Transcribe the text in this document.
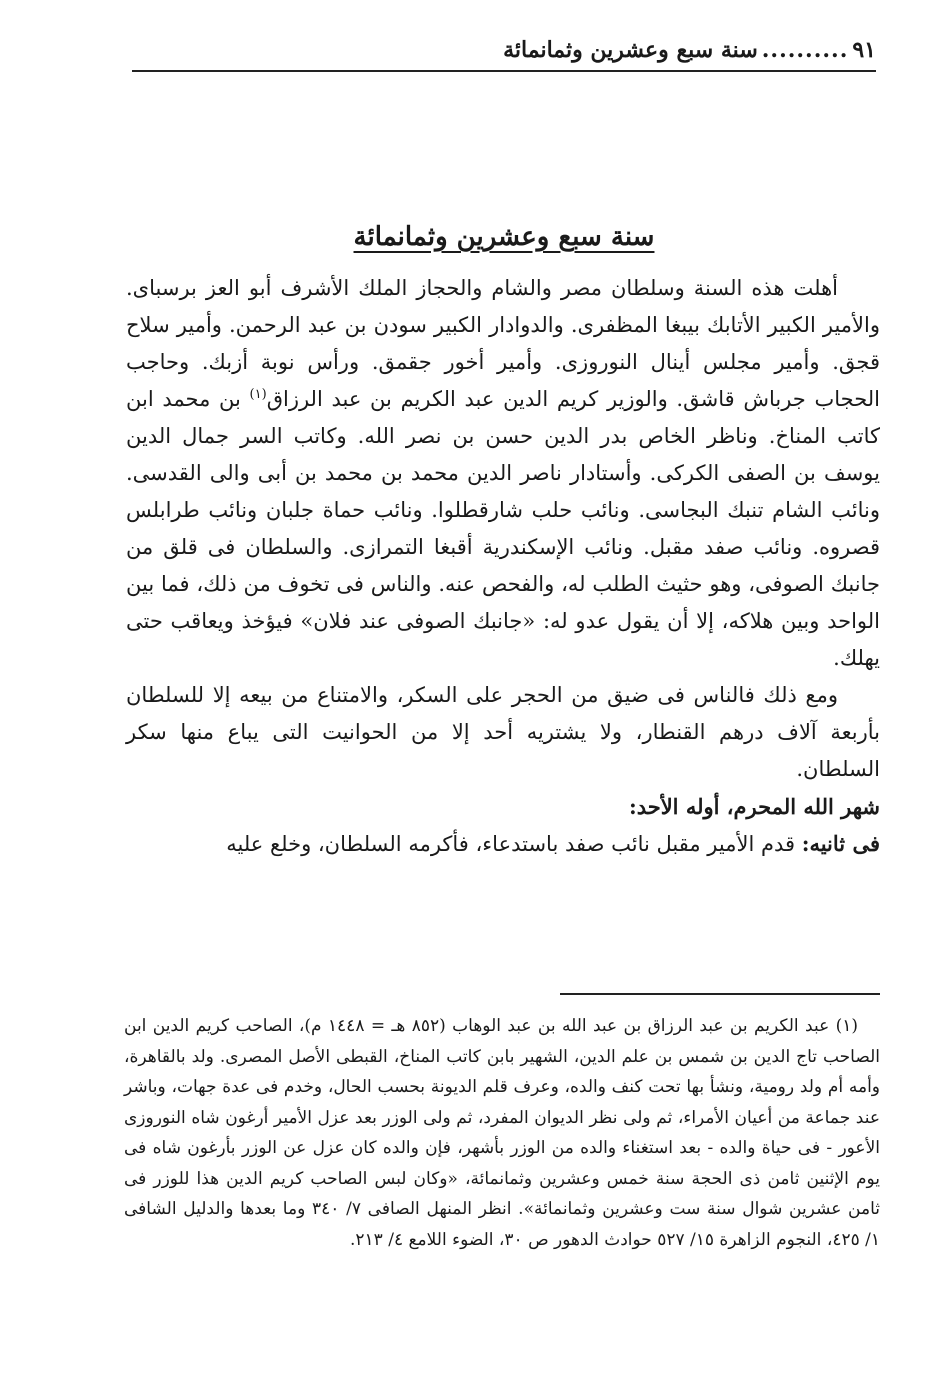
٩١
..........
سنة سبع وعشرين وثمانمائة
سنة سبع وعشرين وثمانمائة

أهلت هذه السنة وسلطان مصر والشام والحجاز الملك الأشرف أبو العز برسباى. والأمير الكبير الأتابك بيبغا المظفرى. والدوادار الكبير سودن بن عبد الرحمن. وأمير سلاح قجق. وأمير مجلس أينال النوروزى. وأمير أخور جقمق. ورأس نوبة أزبك. وحاجب الحجاب جرباش قاشق. والوزير كريم الدين عبد الكريم بن عبد الرزاق$^{(١)}$ بن محمد ابن كاتب المناخ. وناظر الخاص بدر الدين حسن بن نصر الله. وكاتب السر جمال الدين يوسف بن الصفى الكركى. وأستادار ناصر الدين محمد بن محمد بن أبى والى القدسى. ونائب الشام تنبك البجاسى. ونائب حلب شارقطلوا. ونائب حماة جلبان ونائب طرابلس قصروه. ونائب صفد مقبل. ونائب الإسكندرية أقبغا التمرازى. والسلطان فى قلق من جانبك الصوفى، وهو حثيث الطلب له، والفحص عنه. والناس فى تخوف من ذلك، فما بين الواحد وبين هلاكه، إلا أن يقول عدو له: «جانبك الصوفى عند فلان» فيؤخذ ويعاقب حتى يهلك.

ومع ذلك فالناس فى ضيق من الحجر على السكر، والامتناع من بيعه إلا للسلطان بأربعة آلاف درهم القنطار، ولا يشتريه أحد إلا من الحوانيت التى يباع منها سكر السلطان.

شهر الله المحرم، أوله الأحد:

فى ثانيه: قدم الأمير مقبل نائب صفد باستدعاء، فأكرمه السلطان، وخلع عليه

(١) عبد الكريم بن عبد الرزاق بن عبد الله بن عبد الوهاب (٨٥٢ هـ = ١٤٤٨ م)، الصاحب كريم الدين ابن الصاحب تاج الدين بن شمس بن علم الدين، الشهير بابن كاتب المناخ، القبطى الأصل المصرى. ولد بالقاهرة، وأمه أم ولد رومية، ونشأ بها تحت كنف والده، وعرف قلم الديونة بحسب الحال، وخدم فى عدة جهات، وباشر عند جماعة من أعيان الأمراء، ثم ولى نظر الديوان المفرد، ثم ولى الوزر بعد عزل الأمير أرغون شاه النوروزى الأعور - فى حياة والده - بعد استغناء والده من الوزر بأشهر، فإن والده كان عزل عن الوزر بأرغون شاه فى يوم الإثنين ثامن ذى الحجة سنة خمس وعشرين وثمانمائة، «وكان لبس الصاحب كريم الدين هذا للوزر فى ثامن عشرين شوال سنة ست وعشرين وثمانمائة». انظر المنهل الصافى ٧/ ٣٤٠ وما بعدها والدليل الشافى ١/ ٤٢٥، النجوم الزاهرة ١٥/ ٥٢٧ حوادث الدهور ص ٣٠، الضوء اللامع ٤/ ٢١٣.
